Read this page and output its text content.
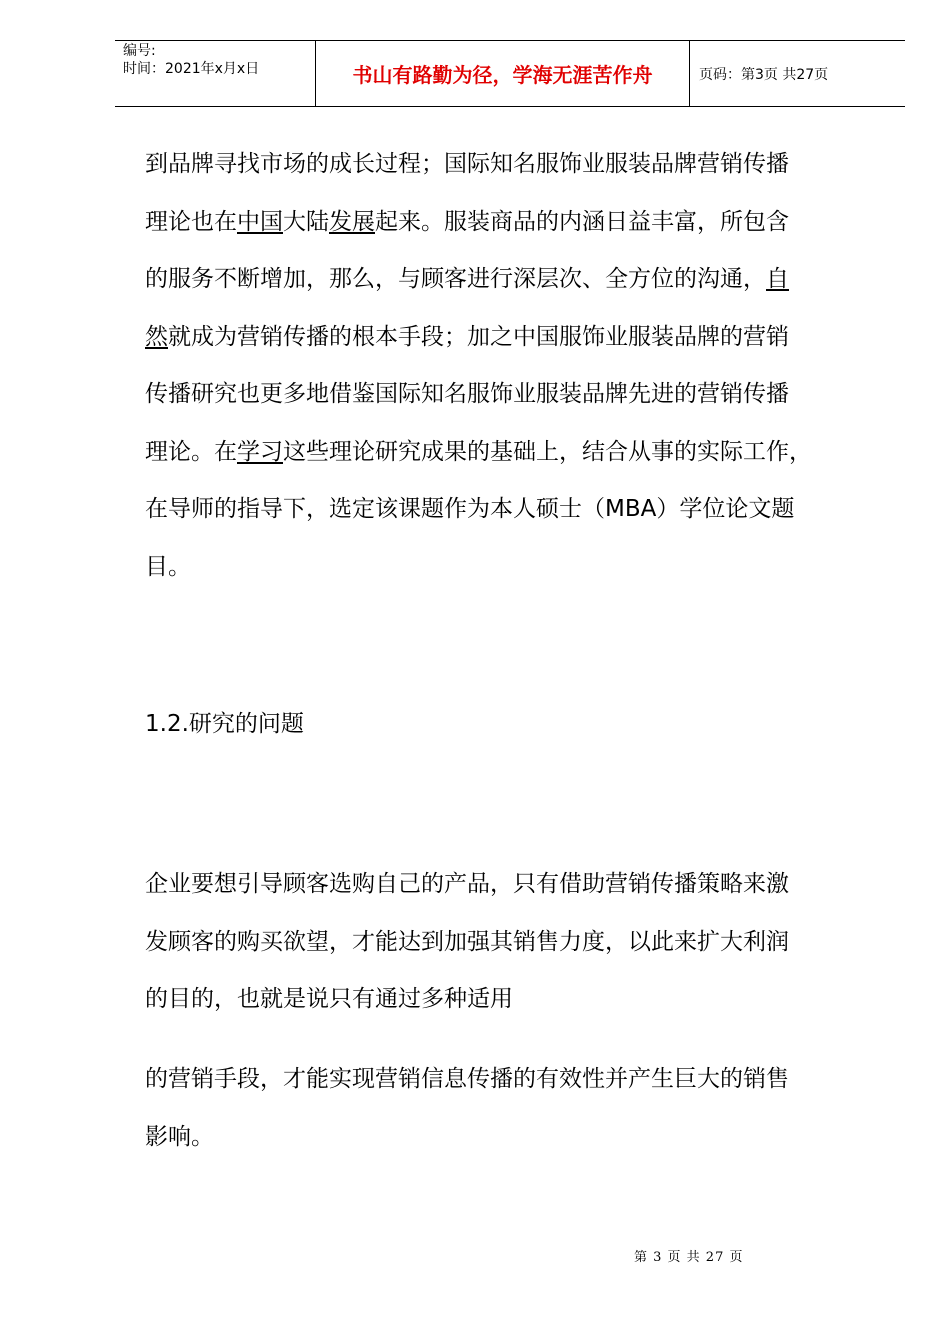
编号:
时间：2021年x月x日	书山有路勤为径，学海无涯苦作舟	页码：第3页 共27页

到品牌寻找市场的成长过程；国际知名服饰业服装品牌营销传播

理论也在中国大陆发展起来。服装商品的内涵日益丰富，所包含

的服务不断增加，那么，与顾客进行深层次、全方位的沟通，自

然就成为营销传播的根本手段；加之中国服饰业服装品牌的营销

传播研究也更多地借鉴国际知名服饰业服装品牌先进的营销传播

理论。在学习这些理论研究成果的基础上，结合从事的实际工作，

在导师的指导下，选定该课题作为本人硕士（MBA）学位论文题

目。

1.2.研究的问题

企业要想引导顾客选购自己的产品，只有借助营销传播策略来激

发顾客的购买欲望，才能达到加强其销售力度，以此来扩大利润

的目的，也就是说只有通过多种适用

的营销手段，才能实现营销信息传播的有效性并产生巨大的销售

影响。

第 3 页 共 27 页
